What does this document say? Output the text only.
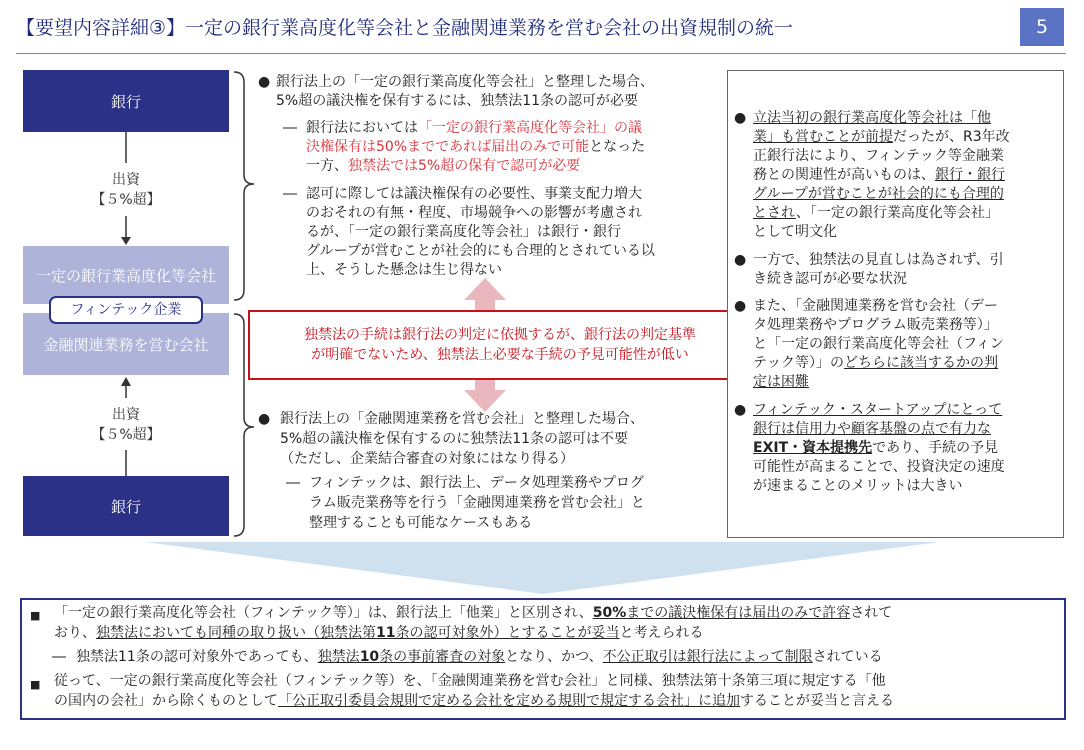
【要望内容詳細③】一定の銀行業高度化等会社と金融関連業務を営む会社の出資規制の統一	5
銀行
出資
【５%超】
一定の銀行業高度化等会社
金融関連業務を営む会社
フィンテック企業
出資
【５%超】
銀行
● 銀行法上の「一定の銀行業高度化等会社」と整理した場合、
5%超の議決権を保有するには、独禁法11条の認可が必要
― 銀行法においては「一定の銀行業高度化等会社」の議
決権保有は50%までであれば届出のみで可能となった
一方、独禁法では5%超の保有で認可が必要
― 認可に際しては議決権保有の必要性、事業支配力増大
のおそれの有無・程度、市場競争への影響が考慮され
るが、「一定の銀行業高度化等会社」は銀行・銀行
グループが営むことが社会的にも合理的とされている以
上、そうした懸念は生じ得ない
独禁法の手続は銀行法の判定に依拠するが、銀行法の判定基準
が明確でないため、独禁法上必要な手続の予見可能性が低い
● 銀行法上の「金融関連業務を営む会社」と整理した場合、
5%超の議決権を保有するのに独禁法11条の認可は不要
（ただし、企業結合審査の対象にはなり得る）
― フィンテックは、銀行法上、データ処理業務やプログ
ラム販売業務等を行う「金融関連業務を営む会社」と
整理することも可能なケースもある
● 立法当初の銀行業高度化等会社は「他
業」も営むことが前提だったが、R3年改
正銀行法により、フィンテック等金融業
務との関連性が高いものは、銀行・銀行
グループが営むことが社会的にも合理的
とされ、「一定の銀行業高度化等会社」
として明文化
● 一方で、独禁法の見直しは為されず、引
き続き認可が必要な状況
● また、「金融関連業務を営む会社（デー
タ処理業務やプログラム販売業務等）」
と「一定の銀行業高度化等会社（フィン
テック等）」のどちらに該当するかの判
定は困難
● フィンテック・スタートアップにとって
銀行は信用力や顧客基盤の点で有力な
EXIT・資本提携先であり、手続の予見
可能性が高まることで、投資決定の速度
が速まることのメリットは大きい
■ 「一定の銀行業高度化等会社（フィンテック等）」は、銀行法上「他業」と区別され、50%までの議決権保有は届出のみで許容されて
おり、独禁法においても同種の取り扱い（独禁法第11条の認可対象外）とすることが妥当と考えられる
― 独禁法11条の認可対象外であっても、独禁法10条の事前審査の対象となり、かつ、不公正取引は銀行法によって制限されている
■ 従って、一定の銀行業高度化等会社（フィンテック等）を、「金融関連業務を営む会社」と同様、独禁法第十条第三項に規定する「他
の国内の会社」から除くものとして「公正取引委員会規則で定める会社を定める規則で規定する会社」に追加することが妥当と言える
